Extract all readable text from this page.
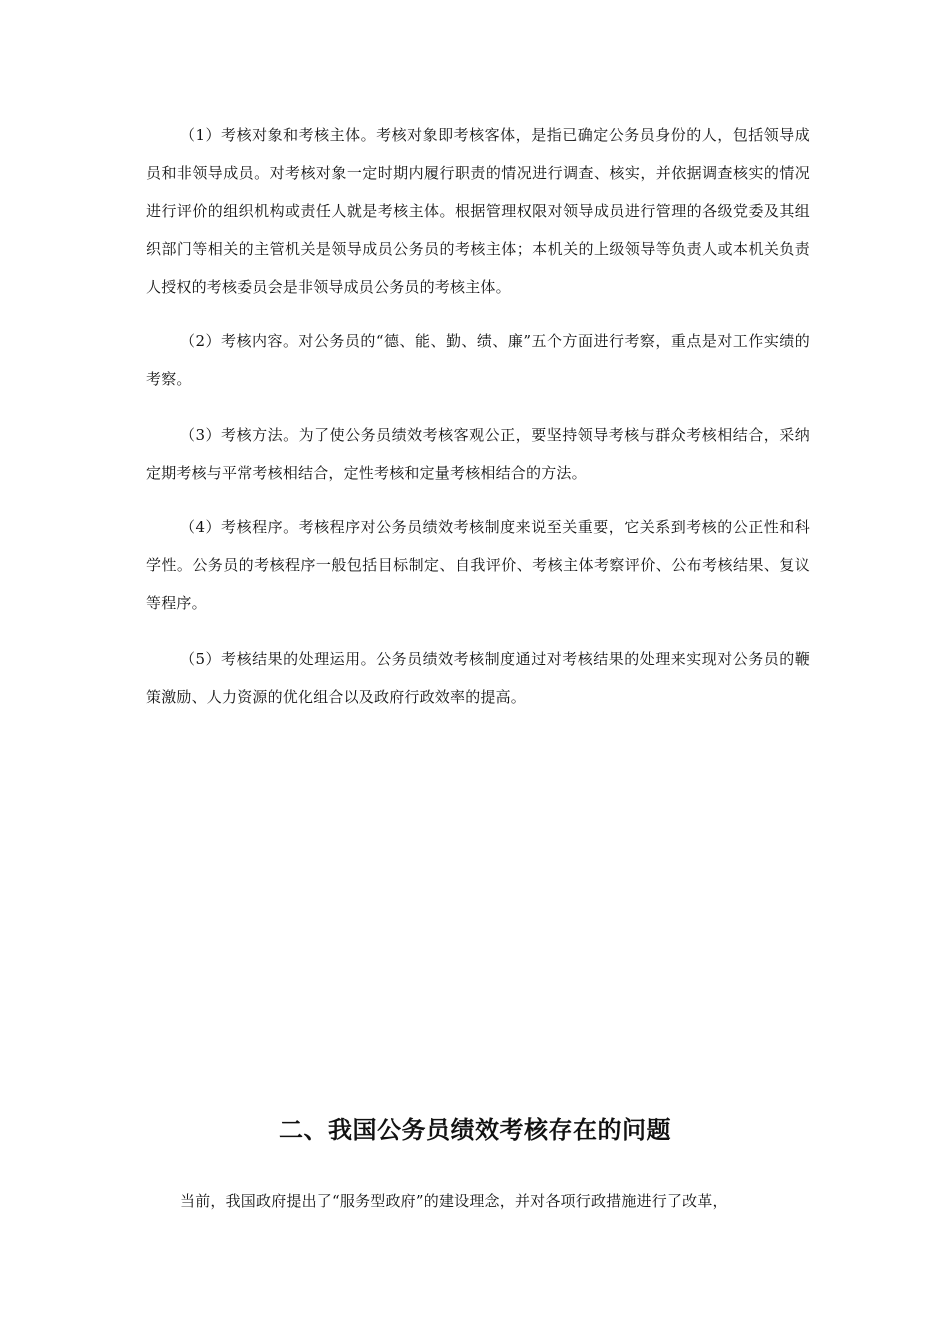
（1）考核对象和考核主体。考核对象即考核客体，是指已确定公务员身份的人，包括领导成员和非领导成员。对考核对象一定时期内履行职责的情况进行调查、核实，并依据调查核实的情况进行评价的组织机构或责任人就是考核主体。根据管理权限对领导成员进行管理的各级党委及其组织部门等相关的主管机关是领导成员公务员的考核主体；本机关的上级领导等负责人或本机关负责人授权的考核委员会是非领导成员公务员的考核主体。

（2）考核内容。对公务员的“德、能、勤、绩、廉”五个方面进行考察，重点是对工作实绩的考察。

（3）考核方法。为了使公务员绩效考核客观公正，要坚持领导考核与群众考核相结合，采纳定期考核与平常考核相结合，定性考核和定量考核相结合的方法。

（4）考核程序。考核程序对公务员绩效考核制度来说至关重要，它关系到考核的公正性和科学性。公务员的考核程序一般包括目标制定、自我评价、考核主体考察评价、公布考核结果、复议等程序。

（5）考核结果的处理运用。公务员绩效考核制度通过对考核结果的处理来实现对公务员的鞭策激励、人力资源的优化组合以及政府行政效率的提高。

二、我国公务员绩效考核存在的问题

当前，我国政府提出了“服务型政府”的建设理念，并对各项行政措施进行了改革，
